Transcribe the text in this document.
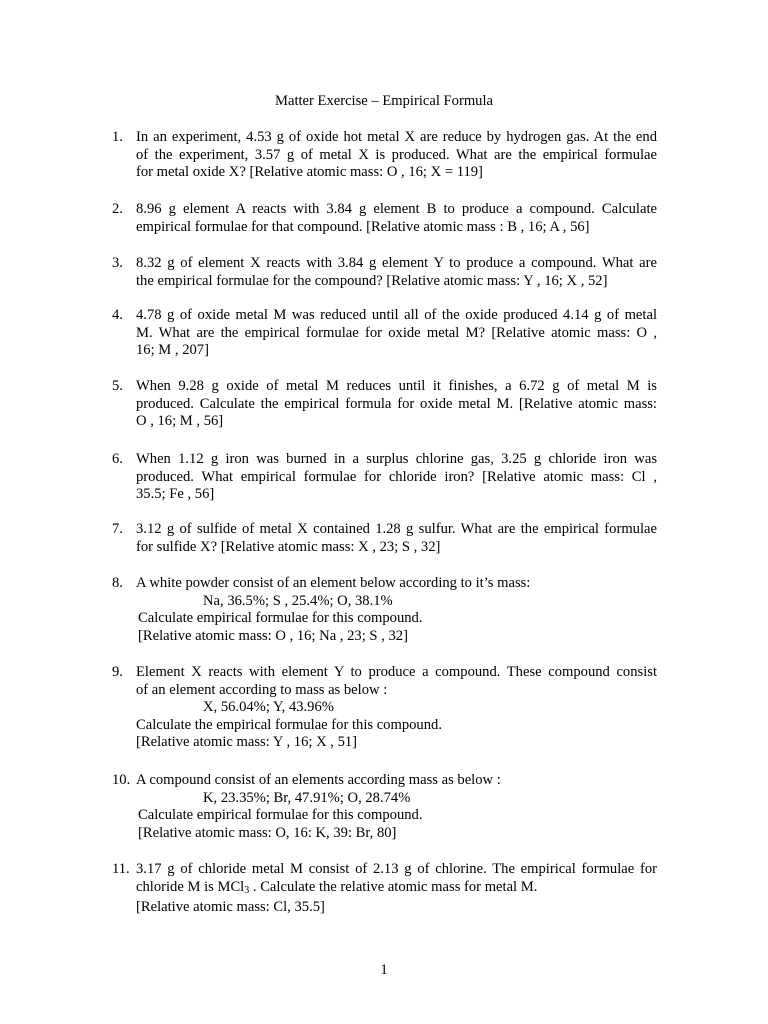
Matter Exercise – Empirical Formula
1. In an experiment, 4.53 g of oxide hot metal X are reduce by hydrogen gas. At the end
of the experiment, 3.57 g of metal X is produced. What are the empirical formulae
for metal oxide X? [Relative atomic mass: O , 16; X = 119]
2. 8.96 g element A reacts with 3.84 g element B to produce a compound. Calculate
empirical formulae for that compound. [Relative atomic mass : B , 16; A , 56]
3. 8.32 g of element X reacts with 3.84 g element Y to produce a compound. What are
the empirical formulae for the compound? [Relative atomic mass: Y , 16; X , 52]
4. 4.78 g of oxide metal M was reduced until all of the oxide produced 4.14 g of metal
M. What are the empirical formulae for oxide metal M? [Relative atomic mass: O ,
16; M , 207]
5. When 9.28 g oxide of metal M reduces until it finishes, a 6.72 g of metal M is
produced. Calculate the empirical formula for oxide metal M. [Relative atomic mass:
O , 16; M , 56]
6. When 1.12 g iron was burned in a surplus chlorine gas, 3.25 g chloride iron was
produced. What empirical formulae for chloride iron? [Relative atomic mass: Cl ,
35.5; Fe , 56]
7. 3.12 g of sulfide of metal X contained 1.28 g sulfur. What are the empirical formulae
for sulfide X? [Relative atomic mass: X , 23; S , 32]
8. A white powder consist of an element below according to it’s mass:
Na, 36.5%; S , 25.4%; O, 38.1%
Calculate empirical formulae for this compound.
[Relative atomic mass: O , 16; Na , 23; S , 32]
9. Element X reacts with element Y to produce a compound. These compound consist
of an element according to mass as below :
X, 56.04%; Y, 43.96%
Calculate the empirical formulae for this compound.
[Relative atomic mass: Y , 16; X , 51]
10. A compound consist of an elements according mass as below :
K, 23.35%; Br, 47.91%; O, 28.74%
Calculate empirical formulae for this compound.
[Relative atomic mass: O, 16: K, 39: Br, 80]
11. 3.17 g of chloride metal M consist of 2.13 g of chlorine. The empirical formulae for
chloride M is MCl$_3$ . Calculate the relative atomic mass for metal M.
[Relative atomic mass: Cl, 35.5]
1
